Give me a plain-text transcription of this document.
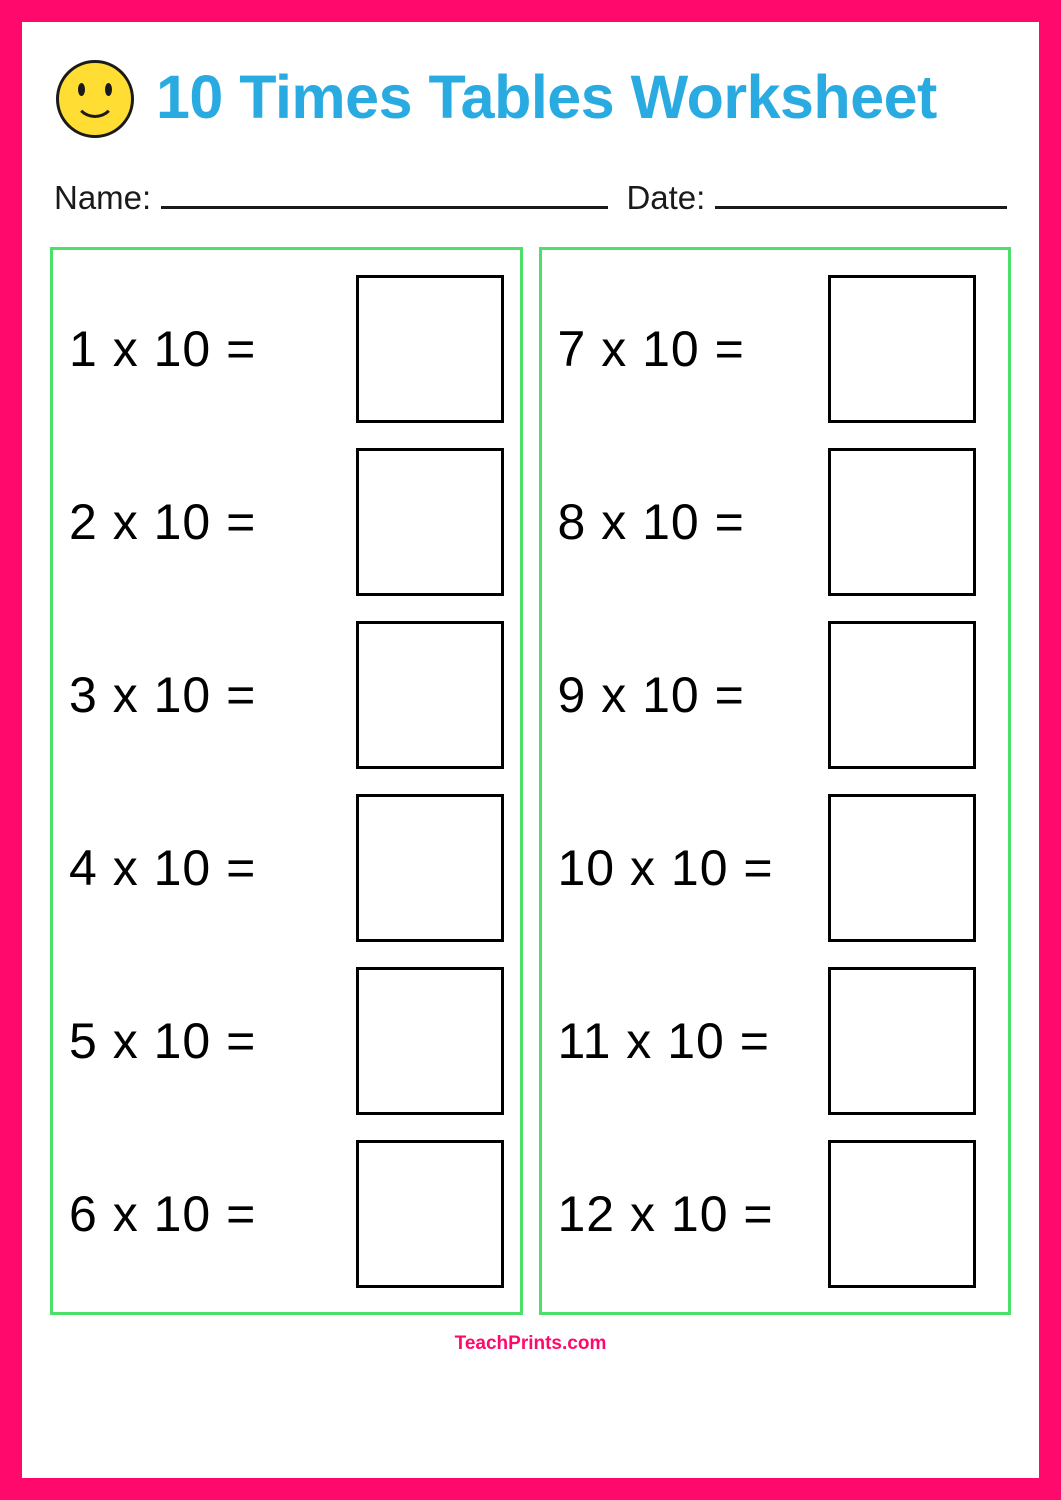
10 Times Tables Worksheet
Name:	Date:
1 x 10 =
2 x 10 =
3 x 10 =
4 x 10 =
5 x 10 =
6 x 10 =
7 x 10 =
8 x 10 =
9 x 10 =
10 x 10 =
11 x 10 =
12 x 10 =
TeachPrints.com
